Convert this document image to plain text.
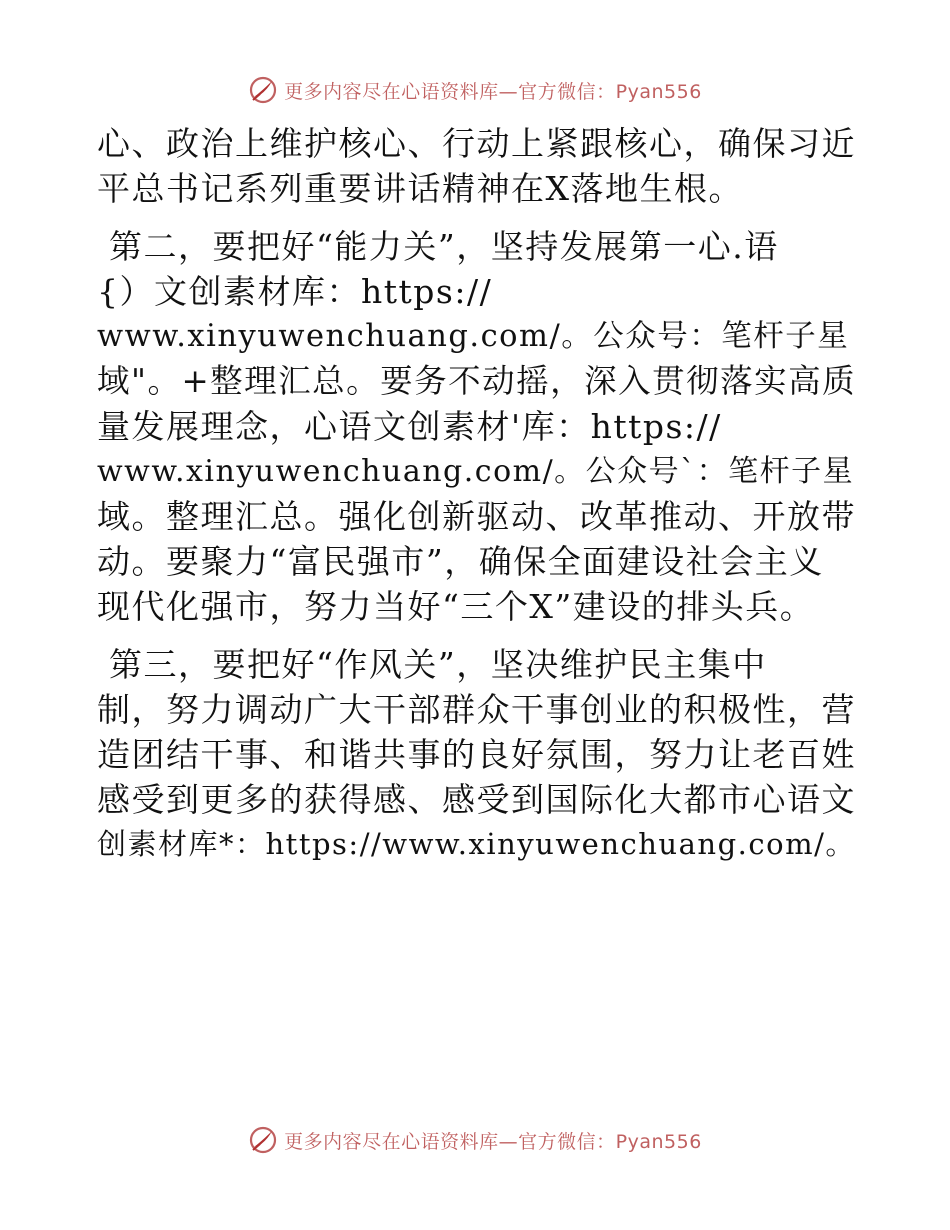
更多内容尽在心语资料库—官方微信：Pyan556
心、政治上维护核心、行动上紧跟核心，确保习近
平总书记系列重要讲话精神在X落地生根。
第二，要把好“能力关”，坚持发展第一心.语
{）文创素材库：https://
www.xinyuwenchuang.com/。公众号：笔杆子星
域"。+整理汇总。要务不动摇，深入贯彻落实高质
量发展理念，心语文创素材'库：https://
www.xinyuwenchuang.com/。公众号`：笔杆子星
域。整理汇总。强化创新驱动、改革推动、开放带
动。要聚力“富民强市”，确保全面建设社会主义
现代化强市，努力当好“三个X”建设的排头兵。
第三，要把好“作风关”，坚决维护民主集中
制，努力调动广大干部群众干事创业的积极性，营
造团结干事、和谐共事的良好氛围，努力让老百姓
感受到更多的获得感、感受到国际化大都市心语文
创素材库*：https://www.xinyuwenchuang.com/。
更多内容尽在心语资料库—官方微信：Pyan556
